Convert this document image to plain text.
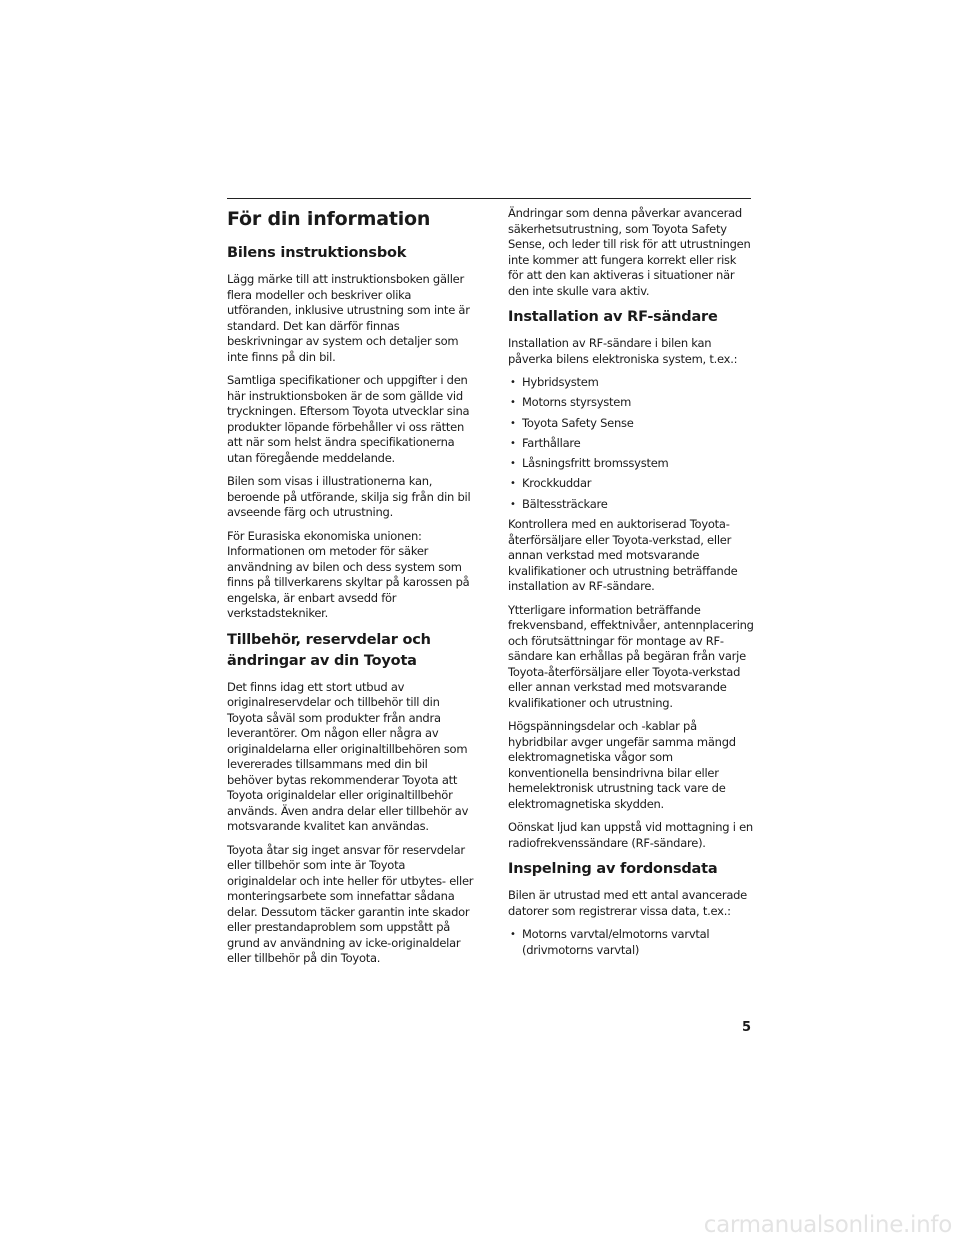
För din information
Bilens instruktionsbok

Lägg märke till att instruktionsboken gäller flera modeller och beskriver olika utföranden, inklusive utrustning som inte är standard. Det kan därför finnas beskrivningar av system och detaljer som inte finns på din bil.

Samtliga specifikationer och uppgifter i den här instruktionsboken är de som gällde vid tryckningen. Eftersom Toyota utvecklar sina produkter löpande förbehåller vi oss rätten att när som helst ändra specifikationerna utan föregående meddelande.

Bilen som visas i illustrationerna kan, beroende på utförande, skilja sig från din bil avseende färg och utrustning.

För Eurasiska ekonomiska unionen: Informationen om metoder för säker användning av bilen och dess system som finns på tillverkarens skyltar på karossen på engelska, är enbart avsedd för verkstadstekniker.

Tillbehör, reservdelar och ändringar av din Toyota

Det finns idag ett stort utbud av originalreservdelar och tillbehör till din Toyota såväl som produkter från andra leverantörer. Om någon eller några av originaldelarna eller originaltillbehören som levererades tillsammans med din bil behöver bytas rekommenderar Toyota att Toyota originaldelar eller originaltillbehör används. Även andra delar eller tillbehör av motsvarande kvalitet kan användas.

Toyota åtar sig inget ansvar för reservdelar eller tillbehör som inte är Toyota originaldelar och inte heller för utbytes- eller monteringsarbete som innefattar sådana delar. Dessutom täcker garantin inte skador eller prestandaproblem som uppstått på grund av användning av icke-originaldelar eller tillbehör på din Toyota.

Ändringar som denna påverkar avancerad säkerhetsutrustning, som Toyota Safety Sense, och leder till risk för att utrustningen inte kommer att fungera korrekt eller risk för att den kan aktiveras i situationer när den inte skulle vara aktiv.

Installation av RF-sändare

Installation av RF-sändare i bilen kan påverka bilens elektroniska system, t.ex.:

• Hybridsystem
• Motorns styrsystem
• Toyota Safety Sense
• Farthållare
• Låsningsfritt bromssystem
• Krockkuddar
• Bältessträckare

Kontrollera med en auktoriserad Toyota-återförsäljare eller Toyota-verkstad, eller annan verkstad med motsvarande kvalifikationer och utrustning beträffande installation av RF-sändare.

Ytterligare information beträffande frekvensband, effektnivåer, antennplacering och förutsättningar för montage av RF-sändare kan erhållas på begäran från varje Toyota-återförsäljare eller Toyota-verkstad eller annan verkstad med motsvarande kvalifikationer och utrustning.

Högspänningsdelar och -kablar på hybridbilar avger ungefär samma mängd elektromagnetiska vågor som konventionella bensindrivna bilar eller hemelektronisk utrustning tack vare de elektromagnetiska skydden.

Oönskat ljud kan uppstå vid mottagning i en radiofrekvenssändare (RF-sändare).

Inspelning av fordonsdata

Bilen är utrustad med ett antal avancerade datorer som registrerar vissa data, t.ex.:

• Motorns varvtal/elmotorns varvtal (drivmotorns varvtal)
5
carmanualsonline.info
